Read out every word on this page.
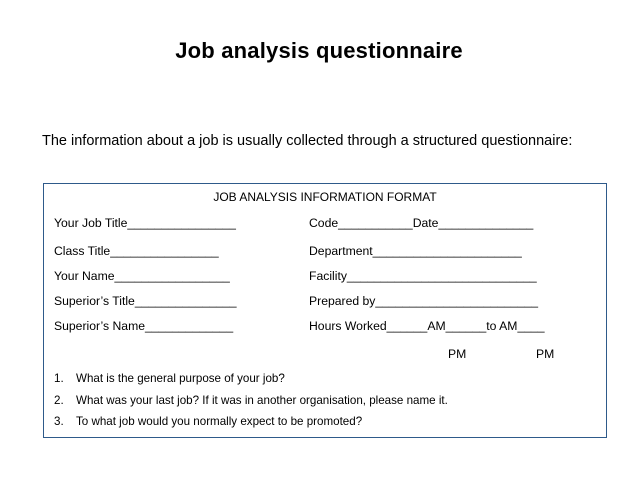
Job analysis questionnaire
The information about a job is usually collected through a structured questionnaire:
JOB ANALYSIS INFORMATION FORMAT
Your Job Title________________
Class Title________________
Your Name_________________
Superior’s Title_______________
Superior’s Name_____________
Code___________Date______________
Department______________________
Facility____________________________
Prepared by________________________
Hours Worked______AM______to AM____
PM	PM
1. What is the general purpose of your job?
2. What was your last job? If it was in another organisation, please name it.
3. To what job would you normally expect to be promoted?
